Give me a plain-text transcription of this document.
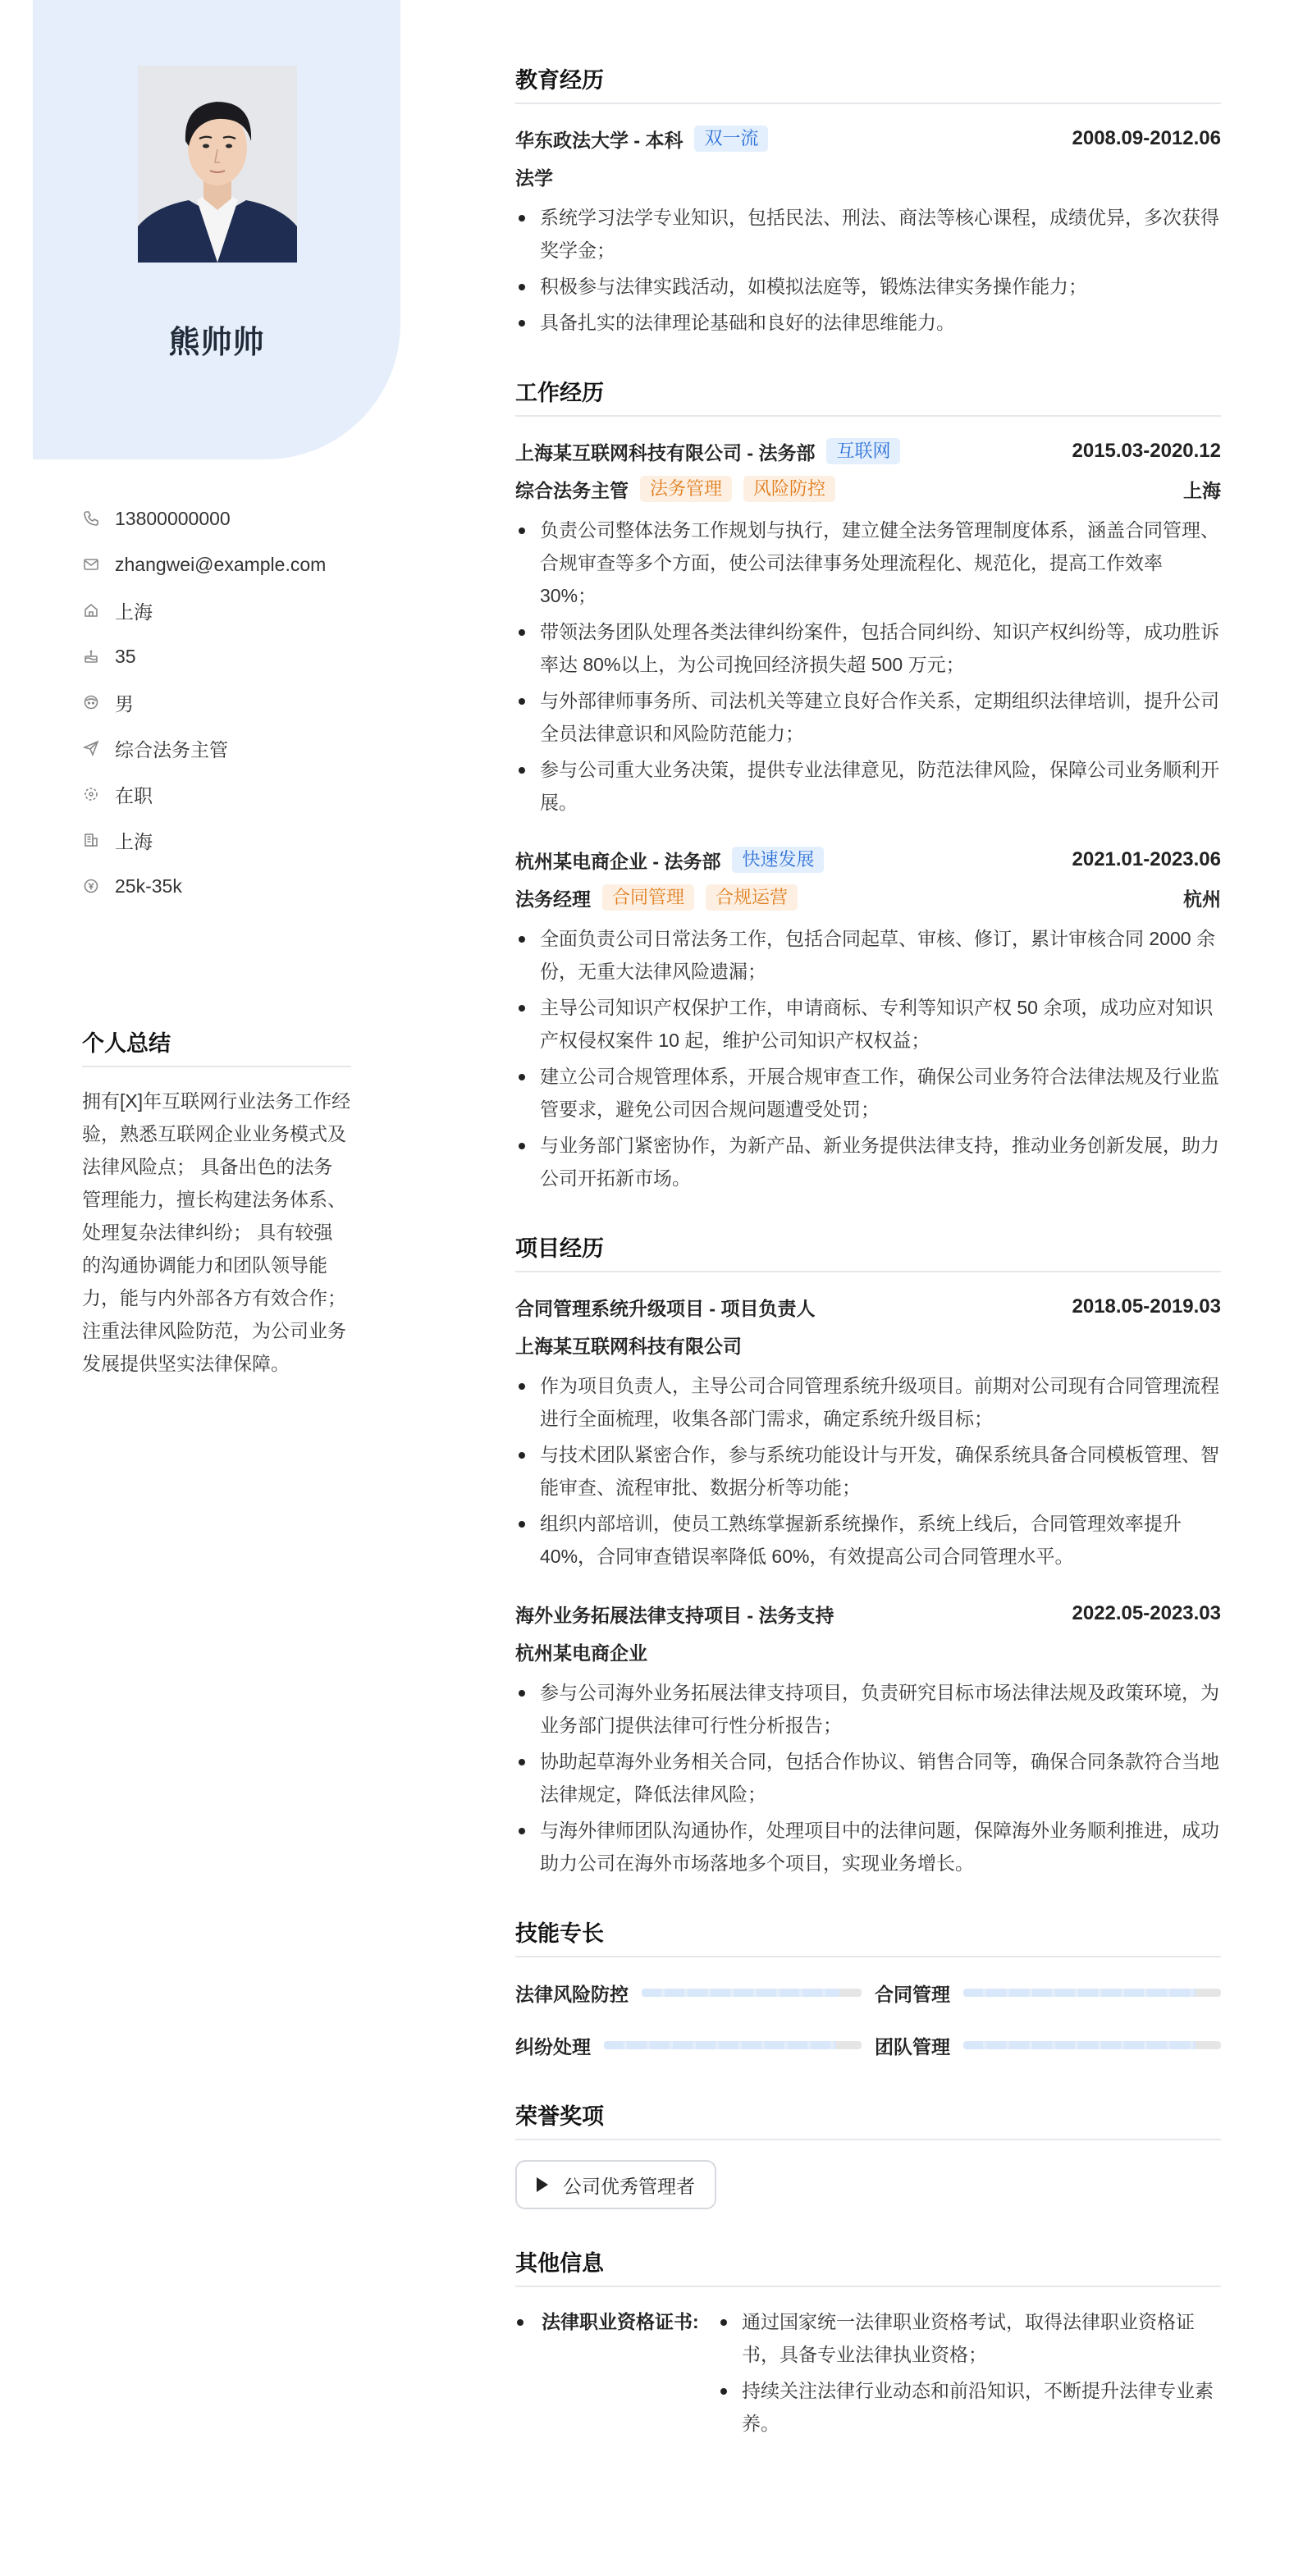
熊帅帅
13800000000
zhangwei@example.com
上海
35
男
综合法务主管
在职
上海
25k-35k
个人总结
拥有[X]年互联网行业法务工作经验，熟悉互联网企业业务模式及法律风险点； 具备出色的法务管理能力，擅长构建法务体系、处理复杂法律纠纷； 具有较强的沟通协调能力和团队领导能力，能与内外部各方有效合作； 注重法律风险防范，为公司业务发展提供坚实法律保障。
教育经历
华东政法大学 - 本科	双一流	2008.09-2012.06
法学
系统学习法学专业知识，包括民法、刑法、商法等核心课程，成绩优异，多次获得奖学金；
积极参与法律实践活动，如模拟法庭等，锻炼法律实务操作能力；
具备扎实的法律理论基础和良好的法律思维能力。
工作经历
上海某互联网科技有限公司 - 法务部	互联网	2015.03-2020.12
综合法务主管	法务管理	风险防控	上海
负责公司整体法务工作规划与执行，建立健全法务管理制度体系，涵盖合同管理、合规审查等多个方面，使公司法律事务处理流程化、规范化，提高工作效率 30%；
带领法务团队处理各类法律纠纷案件，包括合同纠纷、知识产权纠纷等，成功胜诉率达 80%以上，为公司挽回经济损失超 500 万元；
与外部律师事务所、司法机关等建立良好合作关系，定期组织法律培训，提升公司全员法律意识和风险防范能力；
参与公司重大业务决策，提供专业法律意见，防范法律风险，保障公司业务顺利开展。
杭州某电商企业 - 法务部	快速发展	2021.01-2023.06
法务经理	合同管理	合规运营	杭州
全面负责公司日常法务工作，包括合同起草、审核、修订，累计审核合同 2000 余份，无重大法律风险遗漏；
主导公司知识产权保护工作，申请商标、专利等知识产权 50 余项，成功应对知识产权侵权案件 10 起，维护公司知识产权权益；
建立公司合规管理体系，开展合规审查工作，确保公司业务符合法律法规及行业监管要求，避免公司因合规问题遭受处罚；
与业务部门紧密协作，为新产品、新业务提供法律支持，推动业务创新发展，助力公司开拓新市场。
项目经历
合同管理系统升级项目 - 项目负责人	2018.05-2019.03
上海某互联网科技有限公司
作为项目负责人，主导公司合同管理系统升级项目。前期对公司现有合同管理流程进行全面梳理，收集各部门需求，确定系统升级目标；
与技术团队紧密合作，参与系统功能设计与开发，确保系统具备合同模板管理、智能审查、流程审批、数据分析等功能；
组织内部培训，使员工熟练掌握新系统操作，系统上线后，合同管理效率提升 40%，合同审查错误率降低 60%，有效提高公司合同管理水平。
海外业务拓展法律支持项目 - 法务支持	2022.05-2023.03
杭州某电商企业
参与公司海外业务拓展法律支持项目，负责研究目标市场法律法规及政策环境，为业务部门提供法律可行性分析报告；
协助起草海外业务相关合同，包括合作协议、销售合同等，确保合同条款符合当地法律规定，降低法律风险；
与海外律师团队沟通协作，处理项目中的法律问题，保障海外业务顺利推进，成功助力公司在海外市场落地多个项目，实现业务增长。
技能专长
法律风险防控	合同管理
纠纷处理	团队管理
荣誉奖项
公司优秀管理者
其他信息
法律职业资格证书:	通过国家统一法律职业资格考试，取得法律职业资格证书，具备专业法律执业资格；
持续关注法律行业动态和前沿知识，不断提升法律专业素养。
